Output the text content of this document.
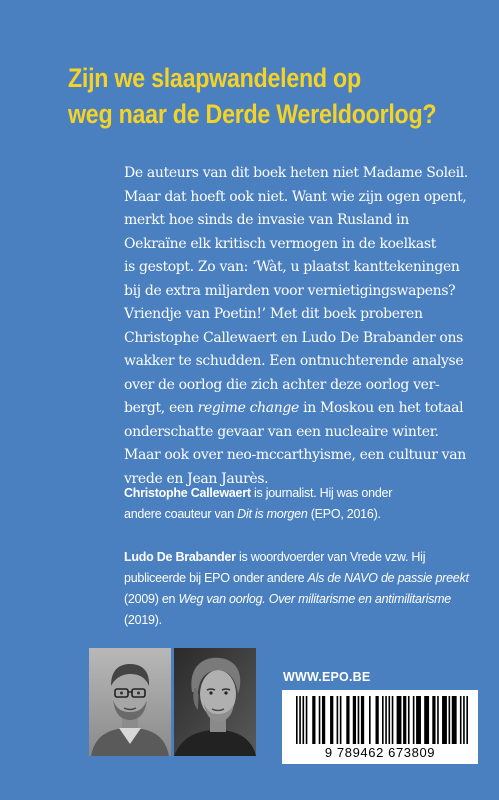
Zijn we slaapwandelend op
weg naar de Derde Wereldoorlog?
De auteurs van dit boek heten niet Madame Soleil.
Maar dat hoeft ook niet. Want wie zijn ogen opent,
merkt hoe sinds de invasie van Rusland in
Oekraïne elk kritisch vermogen in de koelkast
is gestopt. Zo van: ‘Wàt, u plaatst kanttekeningen
bij de extra miljarden voor vernietigingswapens?
Vriendje van Poetin!’ Met dit boek proberen
Christophe Callewaert en Ludo De Brabander ons
wakker te schudden. Een ontnuchterende analyse
over de oorlog die zich achter deze oorlog ver-
bergt, een regime change in Moskou en het totaal
onderschatte gevaar van een nucleaire winter.
Maar ook over neo-mccarthyisme, een cultuur van
vrede en Jean Jaurès.
Christophe Callewaert is journalist. Hij was onder
andere coauteur van Dit is morgen (EPO, 2016).
Ludo De Brabander is woordvoerder van Vrede vzw. Hij
publiceerde bij EPO onder andere Als de NAVO de passie preekt
(2009) en Weg van oorlog. Over militarisme en antimilitarisme
(2019).
WWW.EPO.BE
9 789462 673809
